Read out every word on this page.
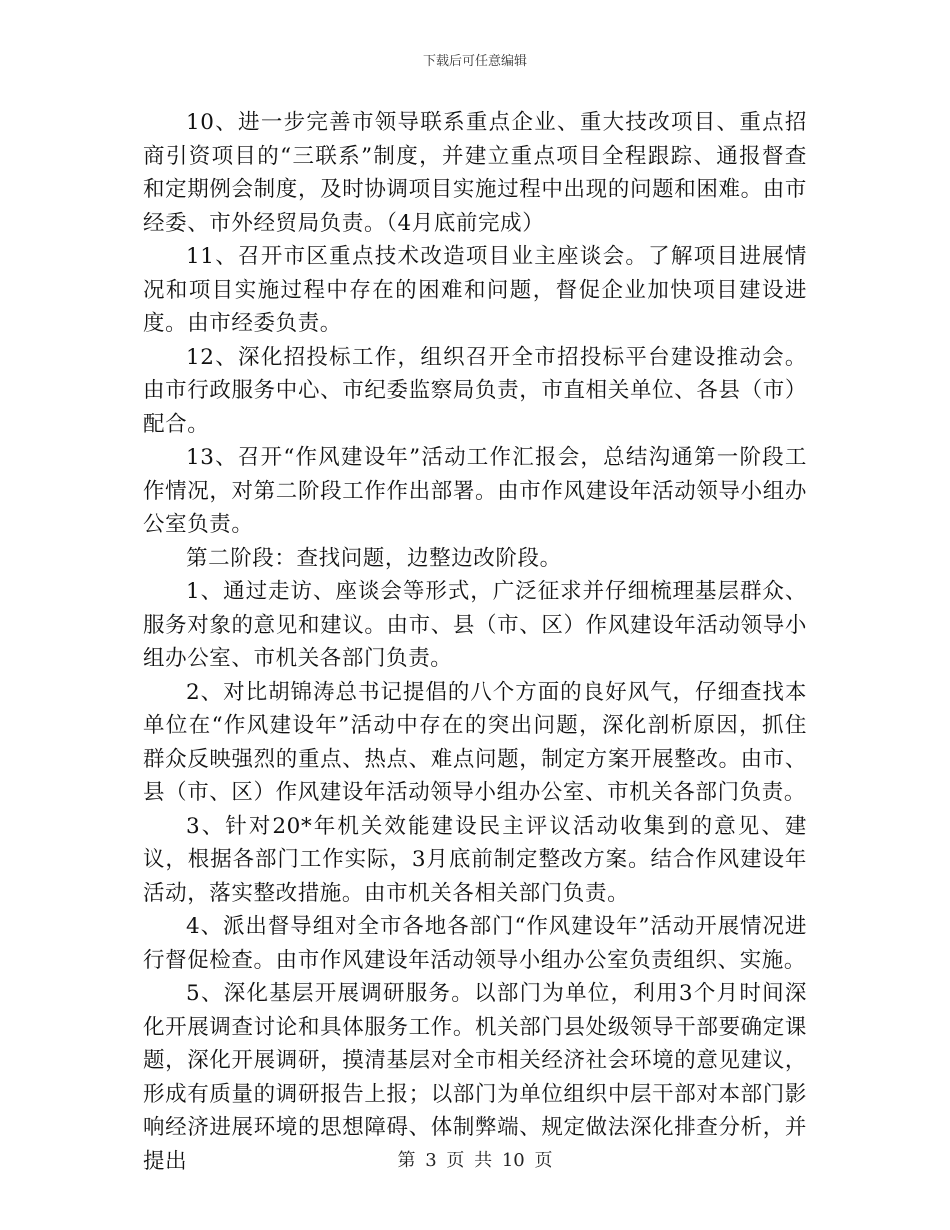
下载后可任意编辑

10、进一步完善市领导联系重点企业、重大技改项目、重点招商引资项目的“三联系”制度，并建立重点项目全程跟踪、通报督查和定期例会制度，及时协调项目实施过程中出现的问题和困难。由市经委、市外经贸局负责。（4月底前完成）

11、召开市区重点技术改造项目业主座谈会。了解项目进展情况和项目实施过程中存在的困难和问题，督促企业加快项目建设进度。由市经委负责。

12、深化招投标工作，组织召开全市招投标平台建设推动会。由市行政服务中心、市纪委监察局负责，市直相关单位、各县（市）配合。

13、召开“作风建设年”活动工作汇报会，总结沟通第一阶段工作情况，对第二阶段工作作出部署。由市作风建设年活动领导小组办公室负责。

第二阶段：查找问题，边整边改阶段。

1、通过走访、座谈会等形式，广泛征求并仔细梳理基层群众、服务对象的意见和建议。由市、县（市、区）作风建设年活动领导小组办公室、市机关各部门负责。

2、对比胡锦涛总书记提倡的八个方面的良好风气，仔细查找本单位在“作风建设年”活动中存在的突出问题，深化剖析原因，抓住群众反映强烈的重点、热点、难点问题，制定方案开展整改。由市、县（市、区）作风建设年活动领导小组办公室、市机关各部门负责。

3、针对20*年机关效能建设民主评议活动收集到的意见、建议，根据各部门工作实际，3月底前制定整改方案。结合作风建设年活动，落实整改措施。由市机关各相关部门负责。

4、派出督导组对全市各地各部门“作风建设年”活动开展情况进行督促检查。由市作风建设年活动领导小组办公室负责组织、实施。

5、深化基层开展调研服务。以部门为单位，利用3个月时间深化开展调查讨论和具体服务工作。机关部门县处级领导干部要确定课题，深化开展调研，摸清基层对全市相关经济社会环境的意见建议，形成有质量的调研报告上报；以部门为单位组织中层干部对本部门影响经济进展环境的思想障碍、体制弊端、规定做法深化排查分析，并提出	第 3 页 共 10 页
